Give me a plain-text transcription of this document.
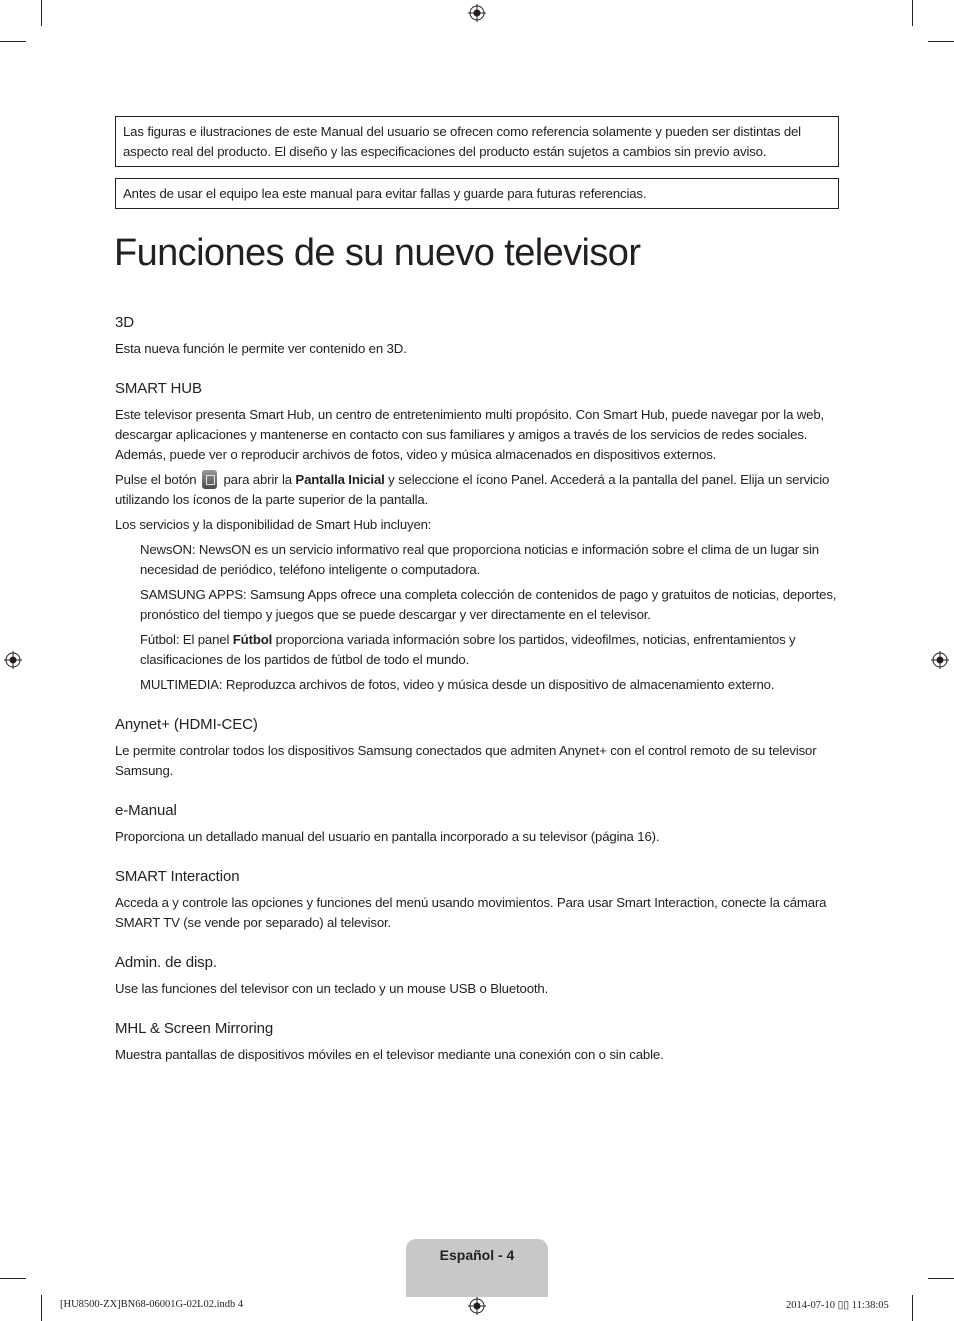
Las figuras e ilustraciones de este Manual del usuario se ofrecen como referencia solamente y pueden ser distintas del aspecto real del producto. El diseño y las especificaciones del producto están sujetos a cambios sin previo aviso.
Antes de usar el equipo lea este manual para evitar fallas y guarde para futuras referencias.
Funciones de su nuevo televisor

3D

Esta nueva función le permite ver contenido en 3D.

SMART HUB

Este televisor presenta Smart Hub, un centro de entretenimiento multi propósito. Con Smart Hub, puede navegar por la web, descargar aplicaciones y mantenerse en contacto con sus familiares y amigos a través de los servicios de redes sociales. Además, puede ver o reproducir archivos de fotos, video y música almacenados en dispositivos externos.

Pulse el botón para abrir la Pantalla Inicial y seleccione el ícono Panel. Accederá a la pantalla del panel. Elija un servicio utilizando los íconos de la parte superior de la pantalla.

Los servicios y la disponibilidad de Smart Hub incluyen:

NewsON: NewsON es un servicio informativo real que proporciona noticias e información sobre el clima de un lugar sin necesidad de periódico, teléfono inteligente o computadora.

SAMSUNG APPS: Samsung Apps ofrece una completa colección de contenidos de pago y gratuitos de noticias, deportes, pronóstico del tiempo y juegos que se puede descargar y ver directamente en el televisor.

Fútbol: El panel Fútbol proporciona variada información sobre los partidos, videofilmes, noticias, enfrentamientos y clasificaciones de los partidos de fútbol de todo el mundo.

MULTIMEDIA: Reproduzca archivos de fotos, video y música desde un dispositivo de almacenamiento externo.

Anynet+ (HDMI-CEC)

Le permite controlar todos los dispositivos Samsung conectados que admiten Anynet+ con el control remoto de su televisor Samsung.

e-Manual

Proporciona un detallado manual del usuario en pantalla incorporado a su televisor (página 16).

SMART Interaction

Acceda a y controle las opciones y funciones del menú usando movimientos. Para usar Smart Interaction, conecte la cámara SMART TV (se vende por separado) al televisor.

Admin. de disp.

Use las funciones del televisor con un teclado y un mouse USB o Bluetooth.

MHL & Screen Mirroring

Muestra pantallas de dispositivos móviles en el televisor mediante una conexión con o sin cable.

Español - 4
[HU8500-ZX]BN68-06001G-02L02.indb 4	2014-07-10 ▯▯ 11:38:05
